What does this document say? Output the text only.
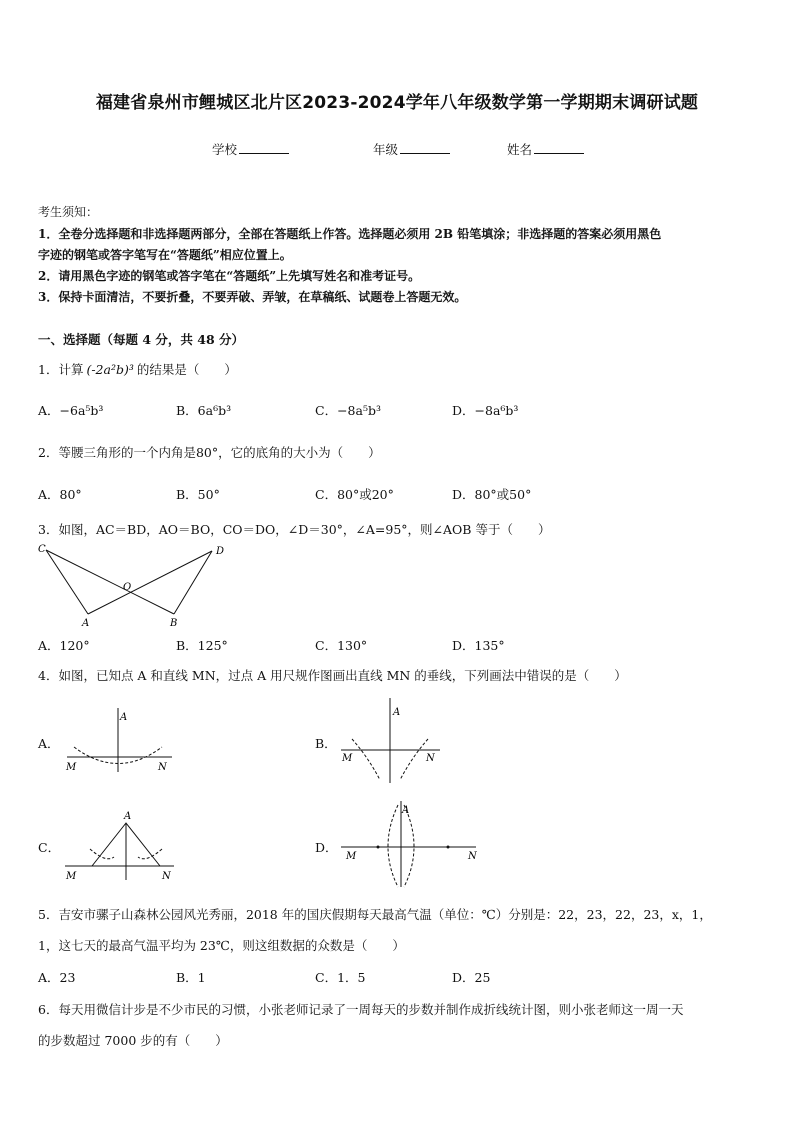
福建省泉州市鲤城区北片区2023-2024学年八年级数学第一学期期末调研试题
学校	年级	姓名
考生须知：
1．全卷分选择题和非选择题两部分，全部在答题纸上作答。选择题必须用 2B 铅笔填涂；非选择题的答案必须用黑色
字迹的钢笔或答字笔写在“答题纸”相应位置上。
2．请用黑色字迹的钢笔或答字笔在“答题纸”上先填写姓名和准考证号。
3．保持卡面清洁，不要折叠，不要弄破、弄皱，在草稿纸、试题卷上答题无效。
一、选择题（每题 4 分，共 48 分）
1．计算 (-2a²b)³ 的结果是（　　）
A．−6a⁵b³	B．6a⁶b³	C．−8a⁵b³	D．−8a⁶b³
2．等腰三角形的一个内角是80°，它的底角的大小为（　　）
A．80°	B．50°	C．80°或20°	D．80°或50°
3．如图，AC＝BD，AO＝BO，CO＝DO，∠D＝30°，∠A=95°，则∠AOB 等于（　　）
C	D
O
A	B
A．120°	B．125°	C．130°	D．135°
4．如图，已知点 A 和直线 MN，过点 A 用尺规作图画出直线 MN 的垂线，下列画法中错误的是（　　）
A．
A
M	N
B．
A
M	N
C．
A
M	N
D．
A
M	N
5．吉安市骡子山森林公园风光秀丽，2018 年的国庆假期每天最高气温（单位：℃）分别是：22，23，22，23，x，1，
1，这七天的最高气温平均为 23℃，则这组数据的众数是（　　）
A．23	B．1	C．1．5	D．25
6．每天用微信计步是不少市民的习惯，小张老师记录了一周每天的步数并制作成折线统计图，则小张老师这一周一天
的步数超过 7000 步的有（　　）
